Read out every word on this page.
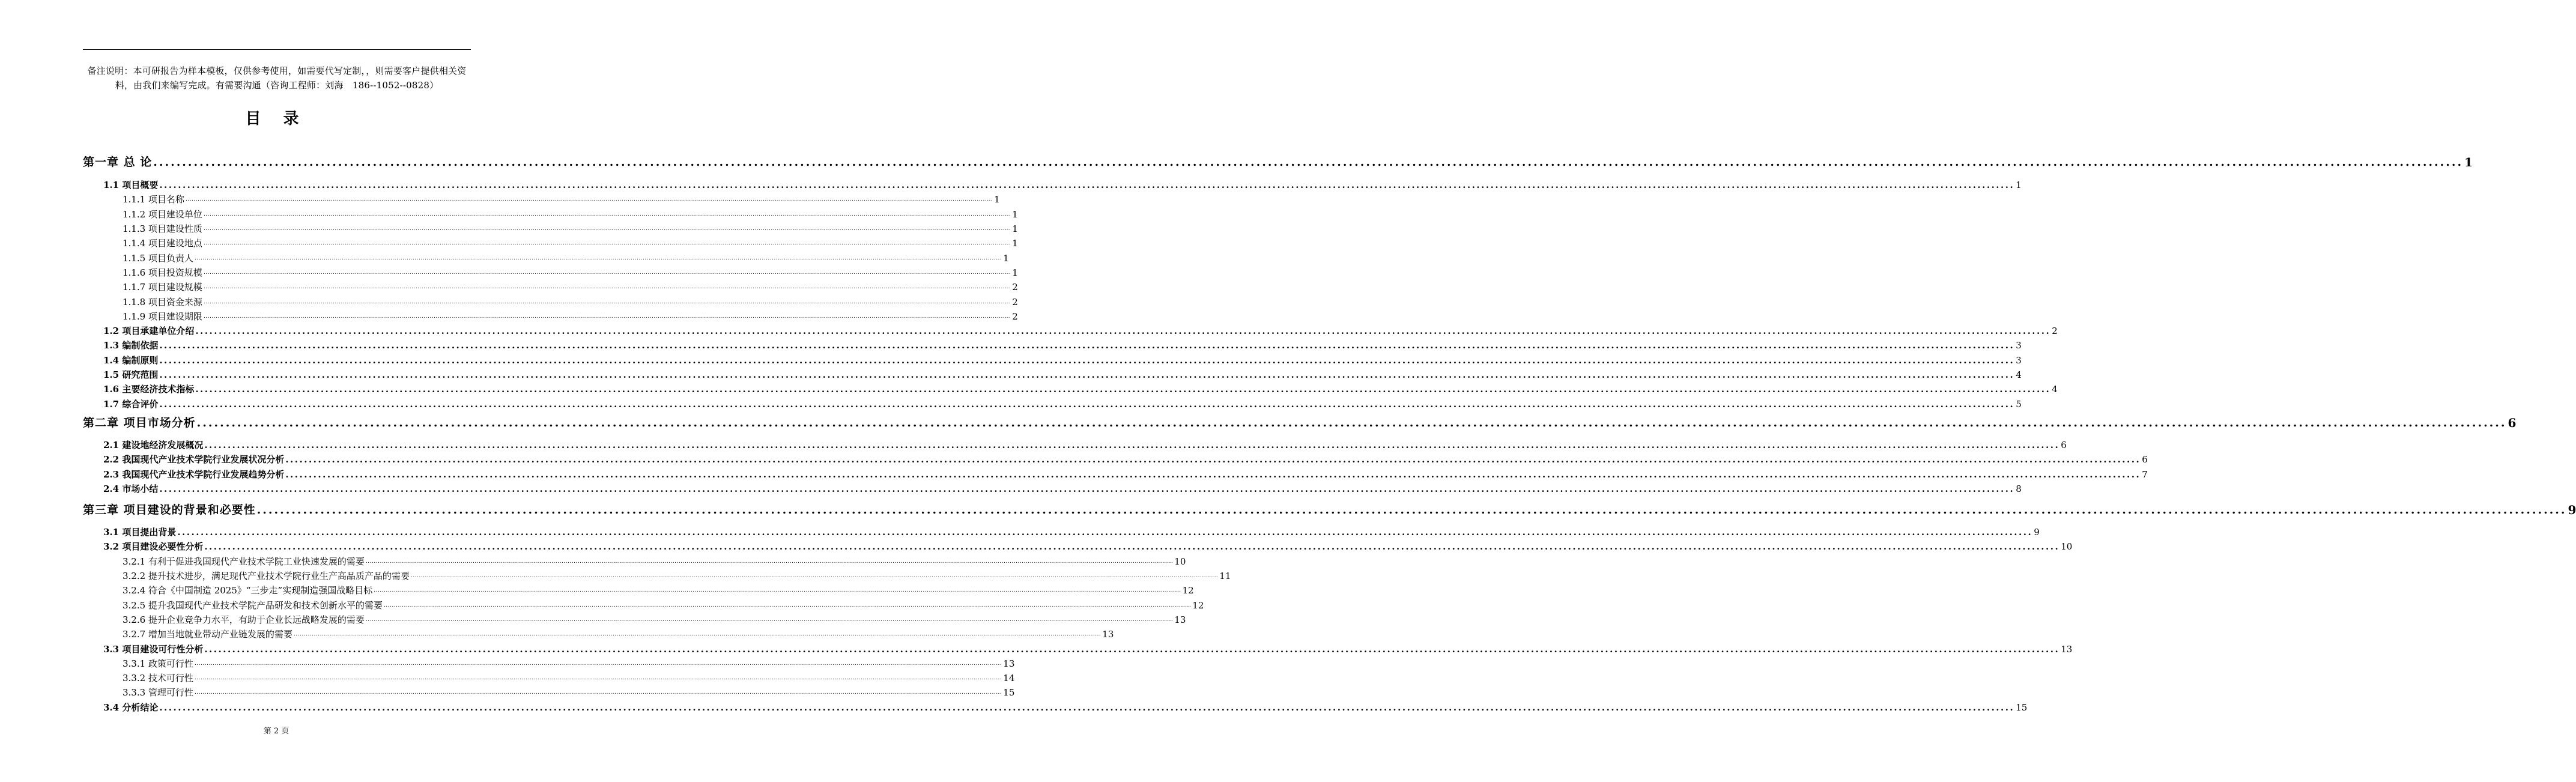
备注说明：本可研报告为样本模板，仅供参考使用，如需要代写定制，，则需要客户提供相关资料，由我们来编写完成。有需要沟通（咨询工程师：刘海　186--1052--0828）
目 录
第一章 总 论 ................................................................................................................................................................................................................................................................................................................................................................................................................ 1
1.1 项目概要 ................................................................................................................................................................................................................................................................................................................................................................................................................ 1
1.1.1 项目名称 ................................................................................................................................................................................................................................................................................................................................................................................................................ 1
1.1.2 项目建设单位 ................................................................................................................................................................................................................................................................................................................................................................................................................ 1
1.1.3 项目建设性质 ................................................................................................................................................................................................................................................................................................................................................................................................................ 1
1.1.4 项目建设地点 ................................................................................................................................................................................................................................................................................................................................................................................................................ 1
1.1.5 项目负责人 ................................................................................................................................................................................................................................................................................................................................................................................................................ 1
1.1.6 项目投资规模 ................................................................................................................................................................................................................................................................................................................................................................................................................ 1
1.1.7 项目建设规模 ................................................................................................................................................................................................................................................................................................................................................................................................................ 2
1.1.8 项目资金来源 ................................................................................................................................................................................................................................................................................................................................................................................................................ 2
1.1.9 项目建设期限 ................................................................................................................................................................................................................................................................................................................................................................................................................ 2
1.2 项目承建单位介绍 ................................................................................................................................................................................................................................................................................................................................................................................................................ 2
1.3 编制依据 ................................................................................................................................................................................................................................................................................................................................................................................................................ 3
1.4 编制原则 ................................................................................................................................................................................................................................................................................................................................................................................................................ 3
1.5 研究范围 ................................................................................................................................................................................................................................................................................................................................................................................................................ 4
1.6 主要经济技术指标 ................................................................................................................................................................................................................................................................................................................................................................................................................ 4
1.7 综合评价 ................................................................................................................................................................................................................................................................................................................................................................................................................ 5
第二章 项目市场分析 ................................................................................................................................................................................................................................................................................................................................................................................................................ 6
2.1 建设地经济发展概况 ................................................................................................................................................................................................................................................................................................................................................................................................................ 6
2.2 我国现代产业技术学院行业发展状况分析 ................................................................................................................................................................................................................................................................................................................................................................................................................ 6
2.3 我国现代产业技术学院行业发展趋势分析 ................................................................................................................................................................................................................................................................................................................................................................................................................ 7
2.4 市场小结 ................................................................................................................................................................................................................................................................................................................................................................................................................ 8
第三章 项目建设的背景和必要性 ................................................................................................................................................................................................................................................................................................................................................................................................................ 9
3.1 项目提出背景 ................................................................................................................................................................................................................................................................................................................................................................................................................ 9
3.2 项目建设必要性分析 ................................................................................................................................................................................................................................................................................................................................................................................................................ 10
3.2.1 有利于促进我国现代产业技术学院工业快速发展的需要 ................................................................................................................................................................................................................................................................................................................................................................................................................ 10
3.2.2 提升技术进步，满足现代产业技术学院行业生产高品质产品的需要 ................................................................................................................................................................................................................................................................................................................................................................................................................ 11
3.2.4 符合《中国制造 2025》“三步走”实现制造强国战略目标 ................................................................................................................................................................................................................................................................................................................................................................................................................ 12
3.2.5 提升我国现代产业技术学院产品研发和技术创新水平的需要 ................................................................................................................................................................................................................................................................................................................................................................................................................ 12
3.2.6 提升企业竞争力水平，有助于企业长远战略发展的需要 ................................................................................................................................................................................................................................................................................................................................................................................................................ 13
3.2.7 增加当地就业带动产业链发展的需要 ................................................................................................................................................................................................................................................................................................................................................................................................................ 13
3.3 项目建设可行性分析 ................................................................................................................................................................................................................................................................................................................................................................................................................ 13
3.3.1 政策可行性 ................................................................................................................................................................................................................................................................................................................................................................................................................ 13
3.3.2 技术可行性 ................................................................................................................................................................................................................................................................................................................................................................................................................ 14
3.3.3 管理可行性 ................................................................................................................................................................................................................................................................................................................................................................................................................ 15
3.4 分析结论 ................................................................................................................................................................................................................................................................................................................................................................................................................ 15
第 2 页
